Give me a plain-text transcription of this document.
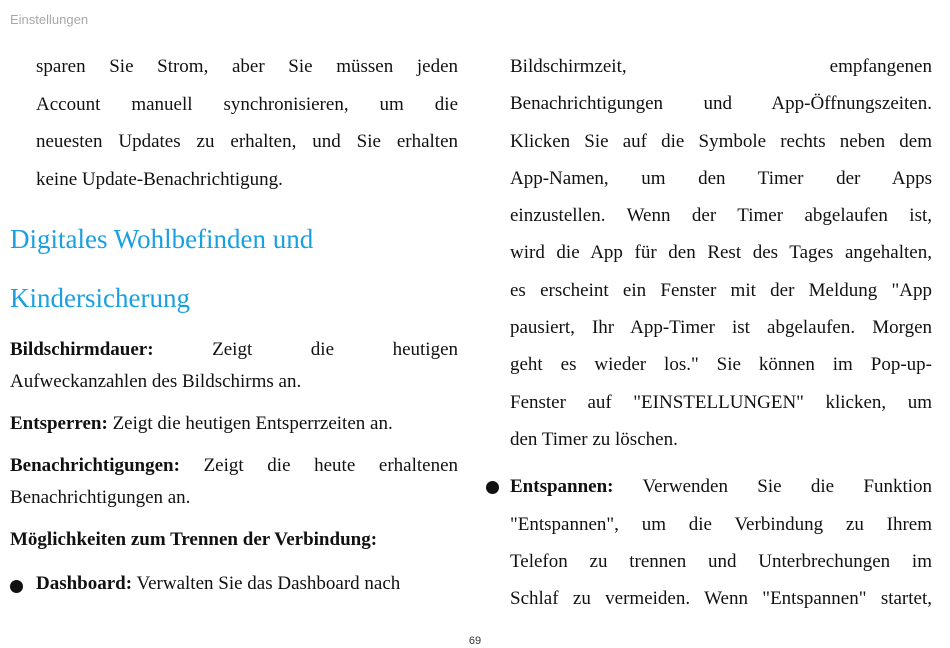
Einstellungen
sparen Sie Strom, aber Sie müssen jeden
Account manuell synchronisieren, um die
neuesten Updates zu erhalten, und Sie erhalten
keine Update-Benachrichtigung.
Digitales Wohlbefinden und
Kindersicherung
Bildschirmdauer:	Zeigt die heutigen
Aufweckanzahlen des Bildschirms an.
Entsperren: Zeigt die heutigen Entsperrzeiten an.
Benachrichtigungen: Zeigt die heute erhaltenen
Benachrichtigungen an.
Möglichkeiten zum Trennen der Verbindung:
Dashboard: Verwalten Sie das Dashboard nach
Bildschirmzeit, empfangenen
Benachrichtigungen und App-Öffnungszeiten.
Klicken Sie auf die Symbole rechts neben dem
App-Namen, um den Timer der Apps
einzustellen. Wenn der Timer abgelaufen ist,
wird die App für den Rest des Tages angehalten,
es erscheint ein Fenster mit der Meldung "App
pausiert, Ihr App-Timer ist abgelaufen. Morgen
geht es wieder los." Sie können im Pop-up-
Fenster auf "EINSTELLUNGEN" klicken, um
den Timer zu löschen.
Entspannen: Verwenden Sie die Funktion
"Entspannen", um die Verbindung zu Ihrem
Telefon zu trennen und Unterbrechungen im
Schlaf zu vermeiden. Wenn "Entspannen" startet,
69
